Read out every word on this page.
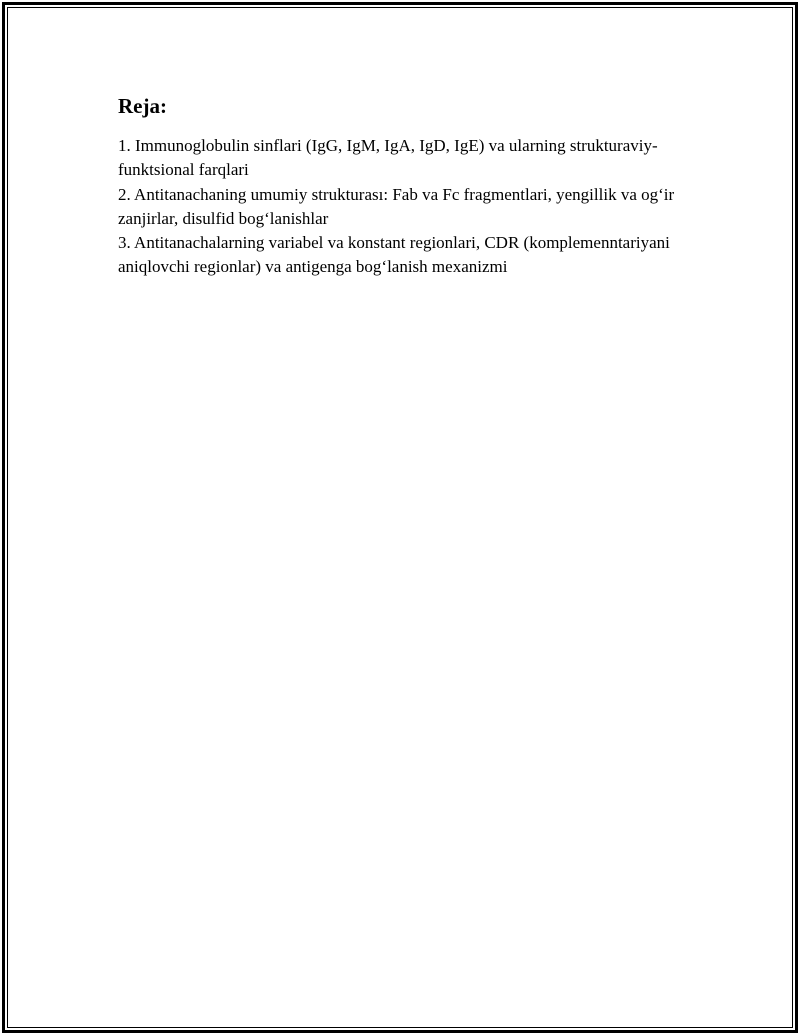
Reja:
1. Immunoglobulin sinflari (IgG, IgM, IgA, IgD, IgE) va ularning strukturaviy-funktsional farqlari
2. Antitanachaning umumiy strukturası: Fab va Fc fragmentlari, yengillik va og‘ir zanjirlar, disulfid bog‘lanishlar
3. Antitanachalarning variabel va konstant regionlari, CDR (komplemenntariyani aniqlovchi regionlar) va antigenga bog‘lanish mexanizmi
